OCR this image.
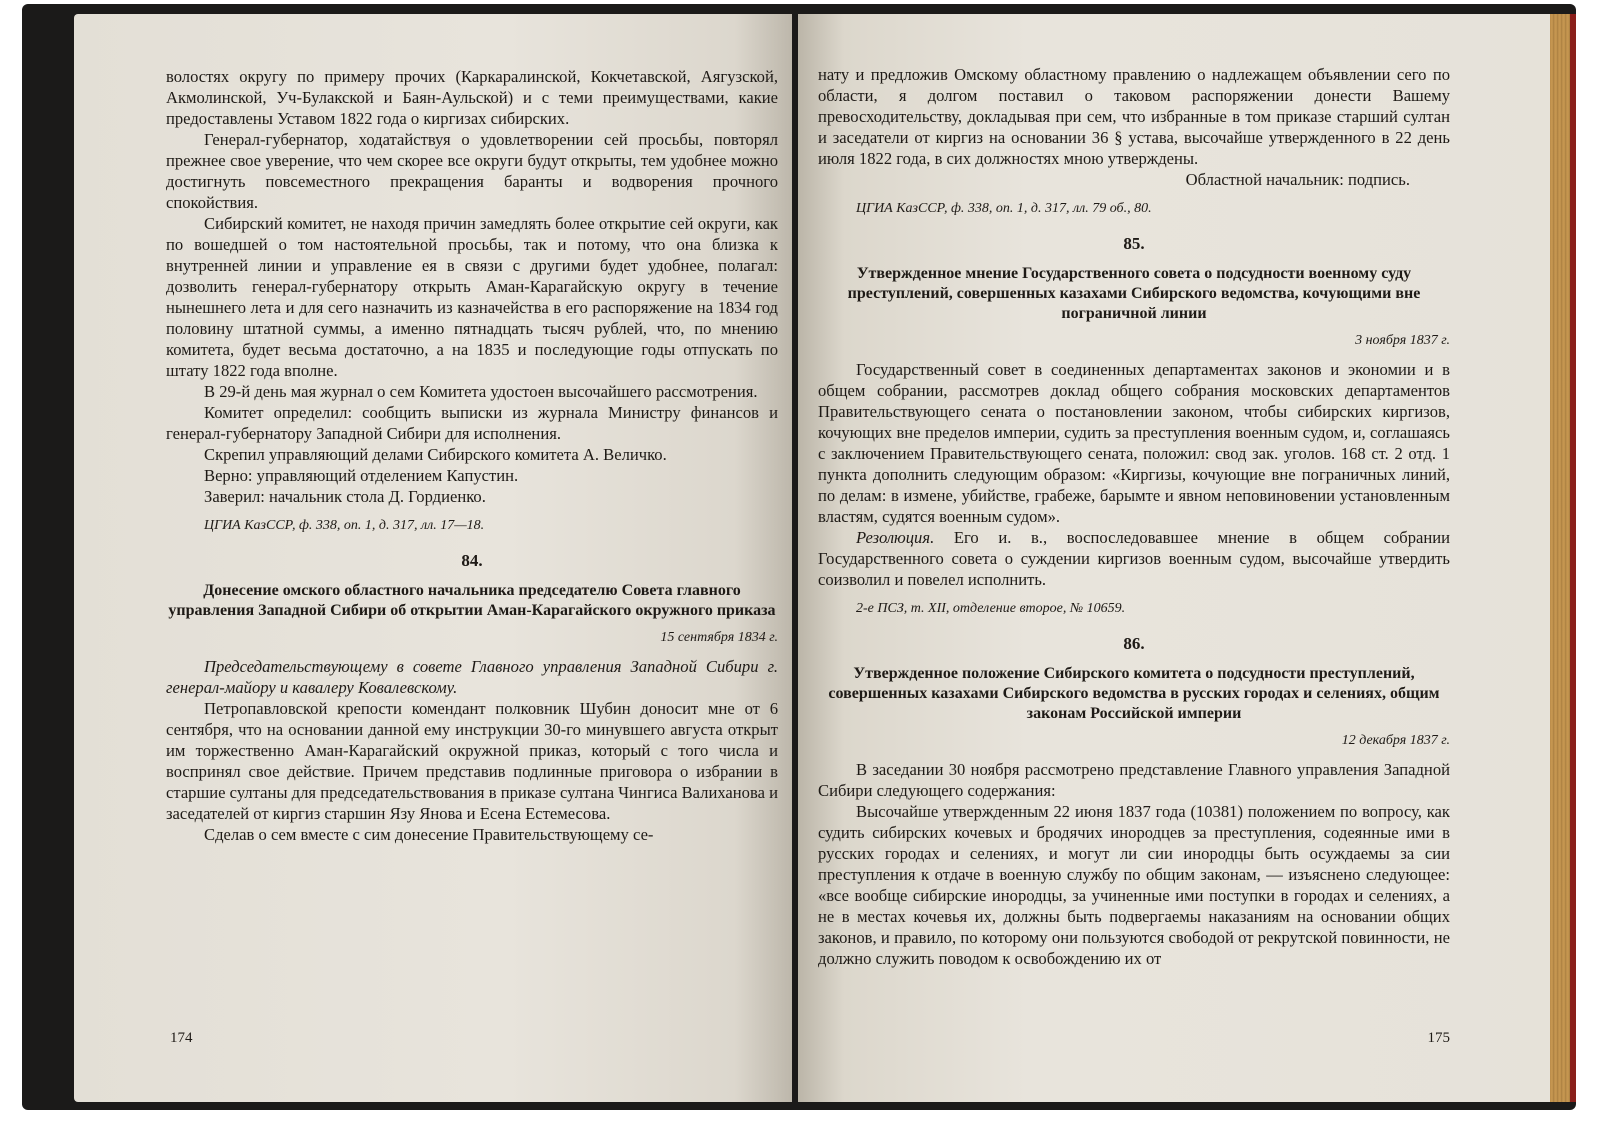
волостях округу по примеру прочих (Каркаралинской, Кокчетавской, Аягузской, Акмолинской, Уч-Булакской и Баян-Аульской) и с теми преимуществами, какие предоставлены Уставом 1822 года о киргизах сибирских.

Генерал-губернатор, ходатайствуя о удовлетворении сей просьбы, повторял прежнее свое уверение, что чем скорее все округи будут открыты, тем удобнее можно достигнуть повсеместного прекращения баранты и водворения прочного спокойствия.

Сибирский комитет, не находя причин замедлять более открытие сей округи, как по вошедшей о том настоятельной просьбы, так и потому, что она близка к внутренней линии и управление ея в связи с другими будет удобнее, полагал: дозволить генерал-губернатору открыть Аман-Карагайскую округу в течение нынешнего лета и для сего назначить из казначейства в его распоряжение на 1834 год половину штатной суммы, а именно пятнадцать тысяч рублей, что, по мнению комитета, будет весьма достаточно, а на 1835 и последующие годы отпускать по штату 1822 года вполне.

В 29-й день мая журнал о сем Комитета удостоен высочайшего рассмотрения.

Комитет определил: сообщить выписки из журнала Министру финансов и генерал-губернатору Западной Сибири для исполнения.

Скрепил управляющий делами Сибирского комитета А. Величко.

Верно: управляющий отделением Капустин.

Заверил: начальник стола Д. Гордиенко.

ЦГИА КазССР, ф. 338, оп. 1, д. 317, лл. 17—18.

84.

Донесение омского областного начальника председателю Совета главного управления Западной Сибири об открытии Аман-Карагайского окружного приказа

15 сентября 1834 г.

Председательствующему в совете Главного управления Западной Сибири г. генерал-майору и кавалеру Ковалевскому.

Петропавловской крепости комендант полковник Шубин доносит мне от 6 сентября, что на основании данной ему инструкции 30-го минувшего августа открыт им торжественно Аман-Карагайский окружной приказ, который с того числа и воспринял свое действие. Причем представив подлинные приговора о избрании в старшие султаны для председательствования в приказе султана Чингиса Валиханова и заседателей от киргиз старшин Язу Янова и Есена Естемесова.

Сделав о сем вместе с сим донесение Правительствующему се-

174

нату и предложив Омскому областному правлению о надлежащем объявлении сего по области, я долгом поставил о таковом распоряжении донести Вашему превосходительству, докладывая при сем, что избранные в том приказе старший султан и заседатели от киргиз на основании 36 § устава, высочайше утвержденного в 22 день июля 1822 года, в сих должностях мною утверждены.

Областной начальник: подпись.

ЦГИА КазССР, ф. 338, оп. 1, д. 317, лл. 79 об., 80.

85.

Утвержденное мнение Государственного совета о подсудности военному суду преступлений, совершенных казахами Сибирского ведомства, кочующими вне пограничной линии

3 ноября 1837 г.

Государственный совет в соединенных департаментах законов и экономии и в общем собрании, рассмотрев доклад общего собрания московских департаментов Правительствующего сената о постановлении законом, чтобы сибирских киргизов, кочующих вне пределов империи, судить за преступления военным судом, и, соглашаясь с заключением Правительствующего сената, положил: свод зак. уголов. 168 ст. 2 отд. 1 пункта дополнить следующим образом: «Киргизы, кочующие вне пограничных линий, по делам: в измене, убийстве, грабеже, барымте и явном неповиновении установленным властям, судятся военным судом».

Резолюция. Его и. в., воспоследовавшее мнение в общем собрании Государственного совета о суждении киргизов военным судом, высочайше утвердить соизволил и повелел исполнить.

2-е ПСЗ, т. XII, отделение второе, № 10659.

86.

Утвержденное положение Сибирского комитета о подсудности преступлений, совершенных казахами Сибирского ведомства в русских городах и селениях, общим законам Российской империи

12 декабря 1837 г.

В заседании 30 ноября рассмотрено представление Главного управления Западной Сибири следующего содержания:

Высочайше утвержденным 22 июня 1837 года (10381) положением по вопросу, как судить сибирских кочевых и бродячих инородцев за преступления, содеянные ими в русских городах и селениях, и могут ли сии инородцы быть осуждаемы за сии преступления к отдаче в военную службу по общим законам, — изъяснено следующее: «все вообще сибирские инородцы, за учиненные ими поступки в городах и селениях, а не в местах кочевья их, должны быть подвергаемы наказаниям на основании общих законов, и правило, по которому они пользуются свободой от рекрутской повинности, не должно служить поводом к освобождению их от

175
